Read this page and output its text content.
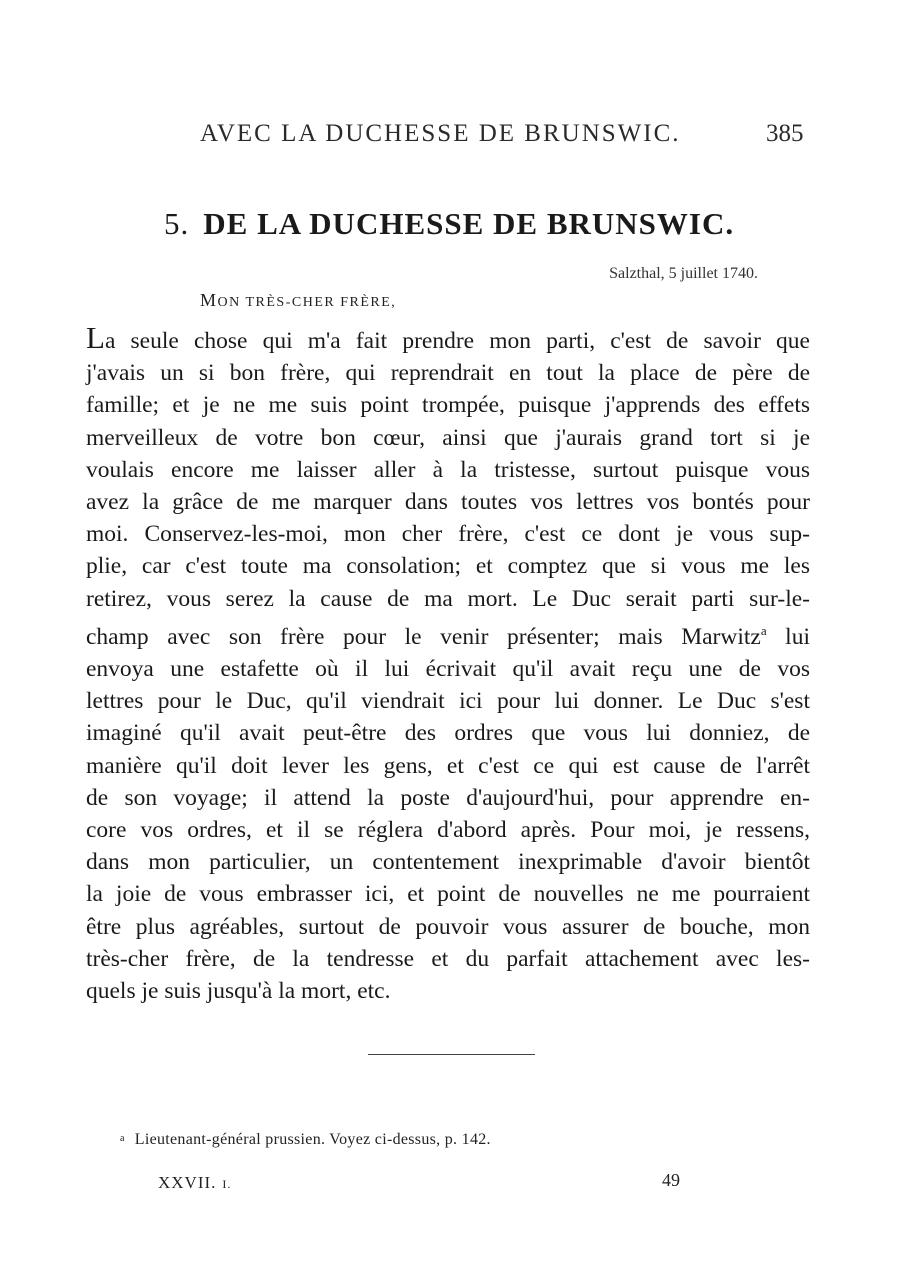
AVEC LA DUCHESSE DE BRUNSWIC.	385
5. DE LA DUCHESSE DE BRUNSWIC.
Salzthal, 5 juillet 1740.
MON TRÈS-CHER FRÈRE,
La seule chose qui m'a fait prendre mon parti, c'est de savoir que
j'avais un si bon frère, qui reprendrait en tout la place de père de
famille; et je ne me suis point trompée, puisque j'apprends des effets
merveilleux de votre bon cœur, ainsi que j'aurais grand tort si je
voulais encore me laisser aller à la tristesse, surtout puisque vous
avez la grâce de me marquer dans toutes vos lettres vos bontés pour
moi. Conservez-les-moi, mon cher frère, c'est ce dont je vous sup-
plie, car c'est toute ma consolation; et comptez que si vous me les
retirez, vous serez la cause de ma mort. Le Duc serait parti sur-le-
champ avec son frère pour le venir présenter; mais Marwitz$^a$ lui
envoya une estafette où il lui écrivait qu'il avait reçu une de vos
lettres pour le Duc, qu'il viendrait ici pour lui donner. Le Duc s'est
imaginé qu'il avait peut-être des ordres que vous lui donniez, de
manière qu'il doit lever les gens, et c'est ce qui est cause de l'arrêt
de son voyage; il attend la poste d'aujourd'hui, pour apprendre en-
core vos ordres, et il se réglera d'abord après. Pour moi, je ressens,
dans mon particulier, un contentement inexprimable d'avoir bientôt
la joie de vous embrasser ici, et point de nouvelles ne me pourraient
être plus agréables, surtout de pouvoir vous assurer de bouche, mon
très-cher frère, de la tendresse et du parfait attachement avec les-
quels je suis jusqu'à la mort, etc.
a Lieutenant-général prussien. Voyez ci-dessus, p. 142.
XXVII. I.	49
